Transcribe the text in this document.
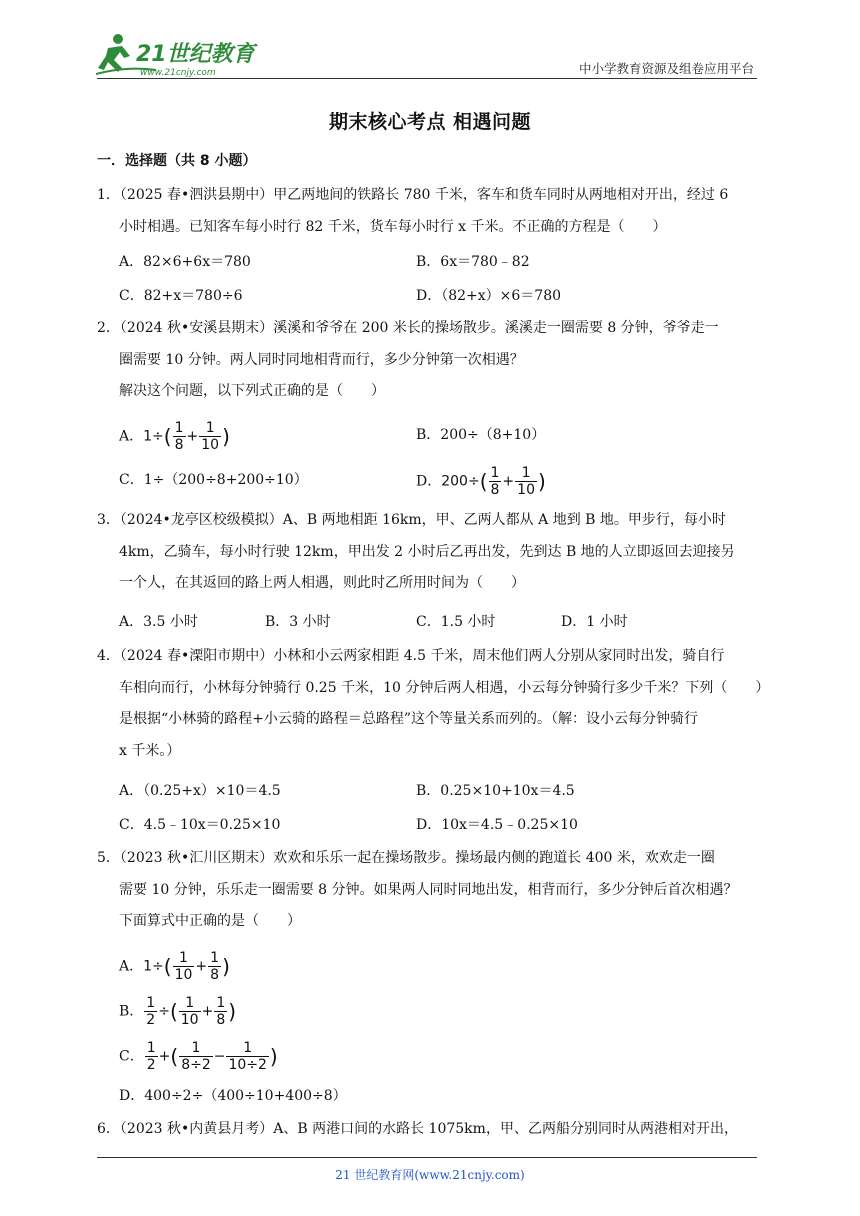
21世纪教育
www.21cnjy.com	中小学教育资源及组卷应用平台
期末核心考点 相遇问题
一．选择题（共 8 小题）
1．（2025 春•泗洪县期中）甲乙两地间的铁路长 780 千米，客车和货车同时从两地相对开出，经过 6
小时相遇。已知客车每小时行 82 千米，货车每小时行 x 千米。不正确的方程是（　　）
A．82×6+6x＝780	B．6x＝780﹣82
C．82+x＝780÷6	D．（82+x）×6＝780
2．（2024 秋•安溪县期末）溪溪和爷爷在 200 米长的操场散步。溪溪走一圈需要 8 分钟，爷爷走一
圈需要 10 分钟。两人同时同地相背而行，多少分钟第一次相遇？
解决这个问题，以下列式正确的是（　　）
A．$1\div( \frac{1}{8} + \frac{1}{10}$ )	B．200÷（8+10）
C．1÷（200÷8+200÷10）	D．$200\div( \frac{1}{8} + \frac{1}{10}$ )
3．（2024•龙亭区校级模拟）A、B 两地相距 16km，甲、乙两人都从 A 地到 B 地。甲步行，每小时
4km，乙骑车，每小时行驶 12km，甲出发 2 小时后乙再出发，先到达 B 地的人立即返回去迎接另
一个人，在其返回的路上两人相遇，则此时乙所用时间为（　　）
A．3.5 小时	B．3 小时	C．1.5 小时	D．1 小时
4．（2024 春•溧阳市期中）小林和小云两家相距 4.5 千米，周末他们两人分别从家同时出发，骑自行
车相向而行，小林每分钟骑行 0.25 千米，10 分钟后两人相遇，小云每分钟骑行多少千米？下列（　　）
是根据“小林骑的路程+小云骑的路程＝总路程”这个等量关系而列的。（解：设小云每分钟骑行
x 千米。）
A．（0.25+x）×10＝4.5	B．0.25×10+10x＝4.5
C．4.5﹣10x＝0.25×10	D．10x＝4.5﹣0.25×10
5．（2023 秋•汇川区期末）欢欢和乐乐一起在操场散步。操场最内侧的跑道长 400 米，欢欢走一圈
需要 10 分钟，乐乐走一圈需要 8 分钟。如果两人同时同地出发，相背而行，多少分钟后首次相遇？
下面算式中正确的是（　　）
A．$1\div( \frac{1}{10} + \frac{1}{8}$ )
B． $\frac{1}{2}$ ÷( $\frac{1}{10} + \frac{1}{8}$ )
C． $\frac{1}{2}$ +( $\frac{1}{8\div 2} - \frac{1}{10\div 2}$ )
D．400÷2÷（400÷10+400÷8）
6．（2023 秋•内黄县月考）A、B 两港口间的水路长 1075km，甲、乙两船分别同时从两港相对开出，
21 世纪教育网(www.21cnjy.com)
